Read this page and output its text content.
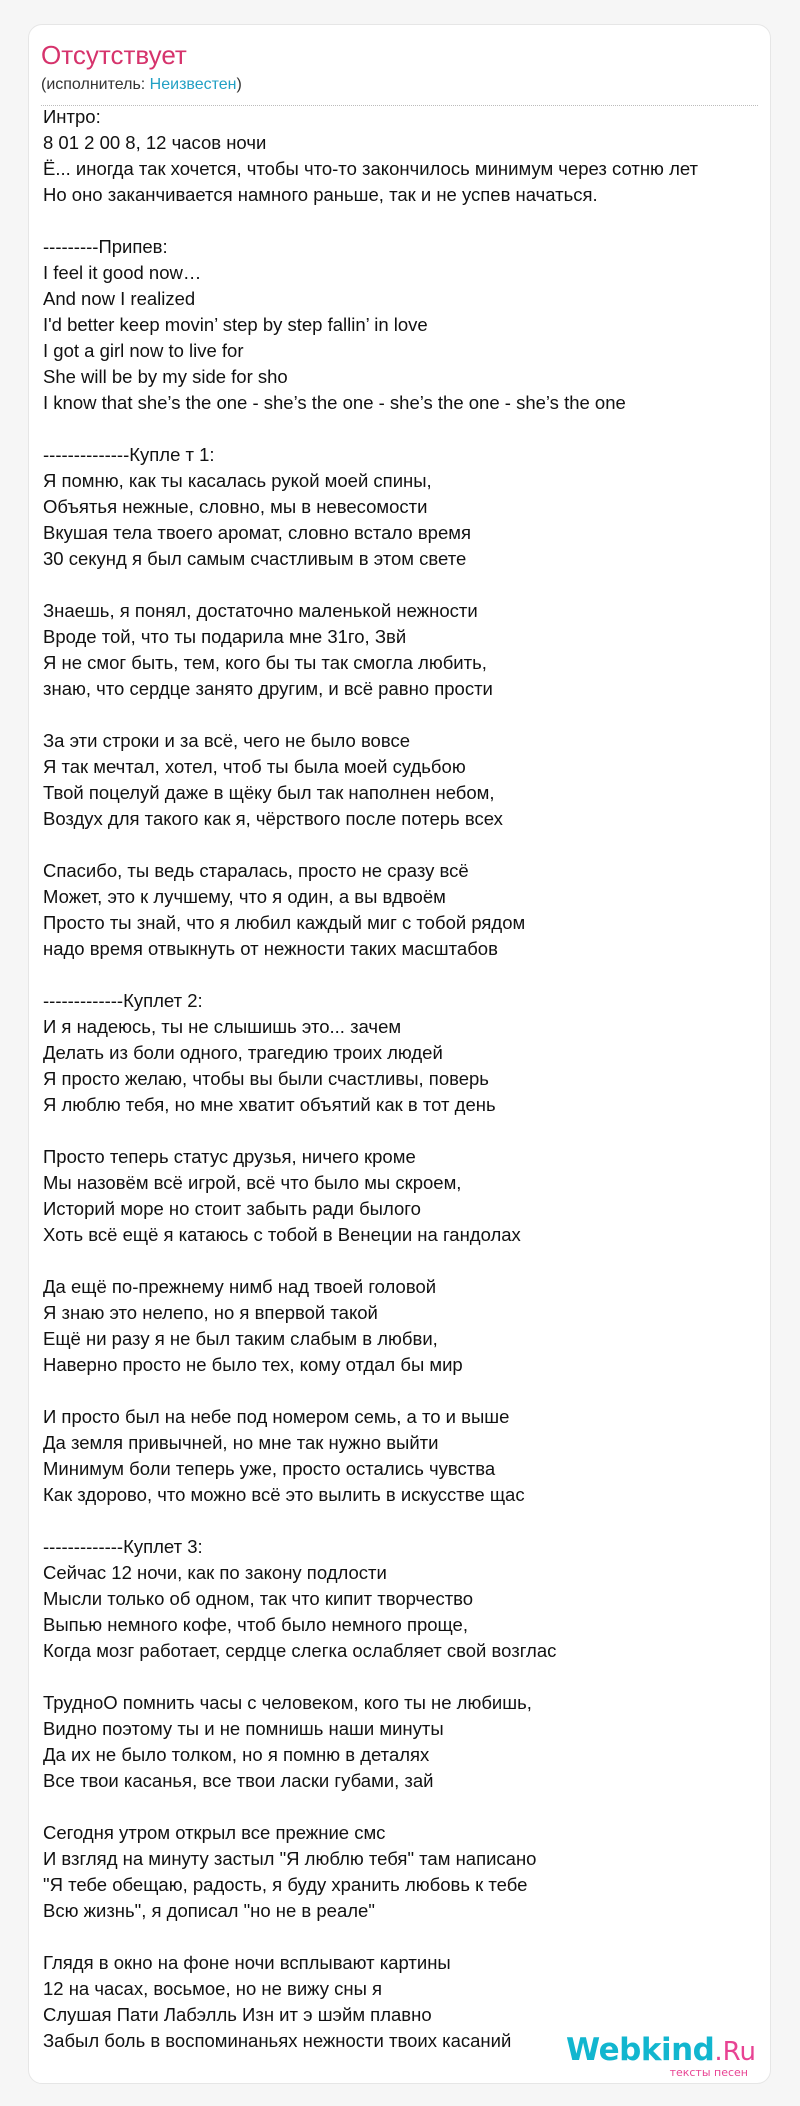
Отсутствует
(исполнитель: Неизвестен)
Интро:
8 01 2 00 8, 12 часов ночи
Ё... иногда так хочется, чтобы что-то закончилось минимум через сотню лет
Но оно заканчивается намного раньше, так и не успев начаться.

---------Припев:
I feel it good now…
And now I realized
I'd better keep movin’ step by step fallin’ in love
I got a girl now to live for
She will be by my side for sho
I know that she’s the one - she’s the one - she’s the one - she’s the one

--------------Купле т 1:
Я помню, как ты касалась рукой моей спины,
Объятья нежные, словно, мы в невесомости
Вкушая тела твоего аромат, словно встало время
30 секунд я был самым счастливым в этом свете

Знаешь, я понял, достаточно маленькой нежности
Вроде той, что ты подарила мне 31го, Звй
Я не смог быть, тем, кого бы ты так смогла любить,
знаю, что сердце занято другим, и всё равно прости

За эти строки и за всё, чего не было вовсе
Я так мечтал, хотел, чтоб ты была моей судьбою
Твой поцелуй даже в щёку был так наполнен небом,
Воздух для такого как я, чёрствого после потерь всех

Спасибо, ты ведь старалась, просто не сразу всё
Может, это к лучшему, что я один, а вы вдвоём
Просто ты знай, что я любил каждый миг с тобой рядом
надо время отвыкнуть от нежности таких масштабов

-------------Куплет 2:
И я надеюсь, ты не слышишь это... зачем
Делать из боли одного, трагедию троих людей
Я просто желаю, чтобы вы были счастливы, поверь
Я люблю тебя, но мне хватит объятий как в тот день

Просто теперь статус друзья, ничего кроме
Мы назовём всё игрой, всё что было мы скроем,
Историй море но стоит забыть ради былого
Хоть всё ещё я катаюсь с тобой в Венеции на гандолах

Да ещё по-прежнему нимб над твоей головой
Я знаю это нелепо, но я впервой такой
Ещё ни разу я не был таким слабым в любви,
Наверно просто не было тех, кому отдал бы мир

И просто был на небе под номером семь, а то и выше
Да земля привычней, но мне так нужно выйти
Минимум боли теперь уже, просто остались чувства
Как здорово, что можно всё это вылить в искусстве щас

-------------Куплет 3:
Сейчас 12 ночи, как по закону подлости
Мысли только об одном, так что кипит творчество
Выпью немного кофе, чтоб было немного проще,
Когда мозг работает, сердце слегка ослабляет свой возглас

ТрудноО помнить часы с человеком, кого ты не любишь,
Видно поэтому ты и не помнишь наши минуты
Да их не было толком, но я помню в деталях
Все твои касанья, все твои ласки губами, зай

Сегодня утром открыл все прежние смс
И взгляд на минуту застыл "Я люблю тебя" там написано
"Я тебе обещаю, радость, я буду хранить любовь к тебе
Всю жизнь", я дописал "но не в реале"

Глядя в окно на фоне ночи всплывают картины
12 на часах, восьмое, но не вижу сны я
Слушая Пати Лабэлль Изн ит э шэйм плавно
Забыл боль в воспоминаньях нежности твоих касаний	Webkind.Ru
тексты песен
